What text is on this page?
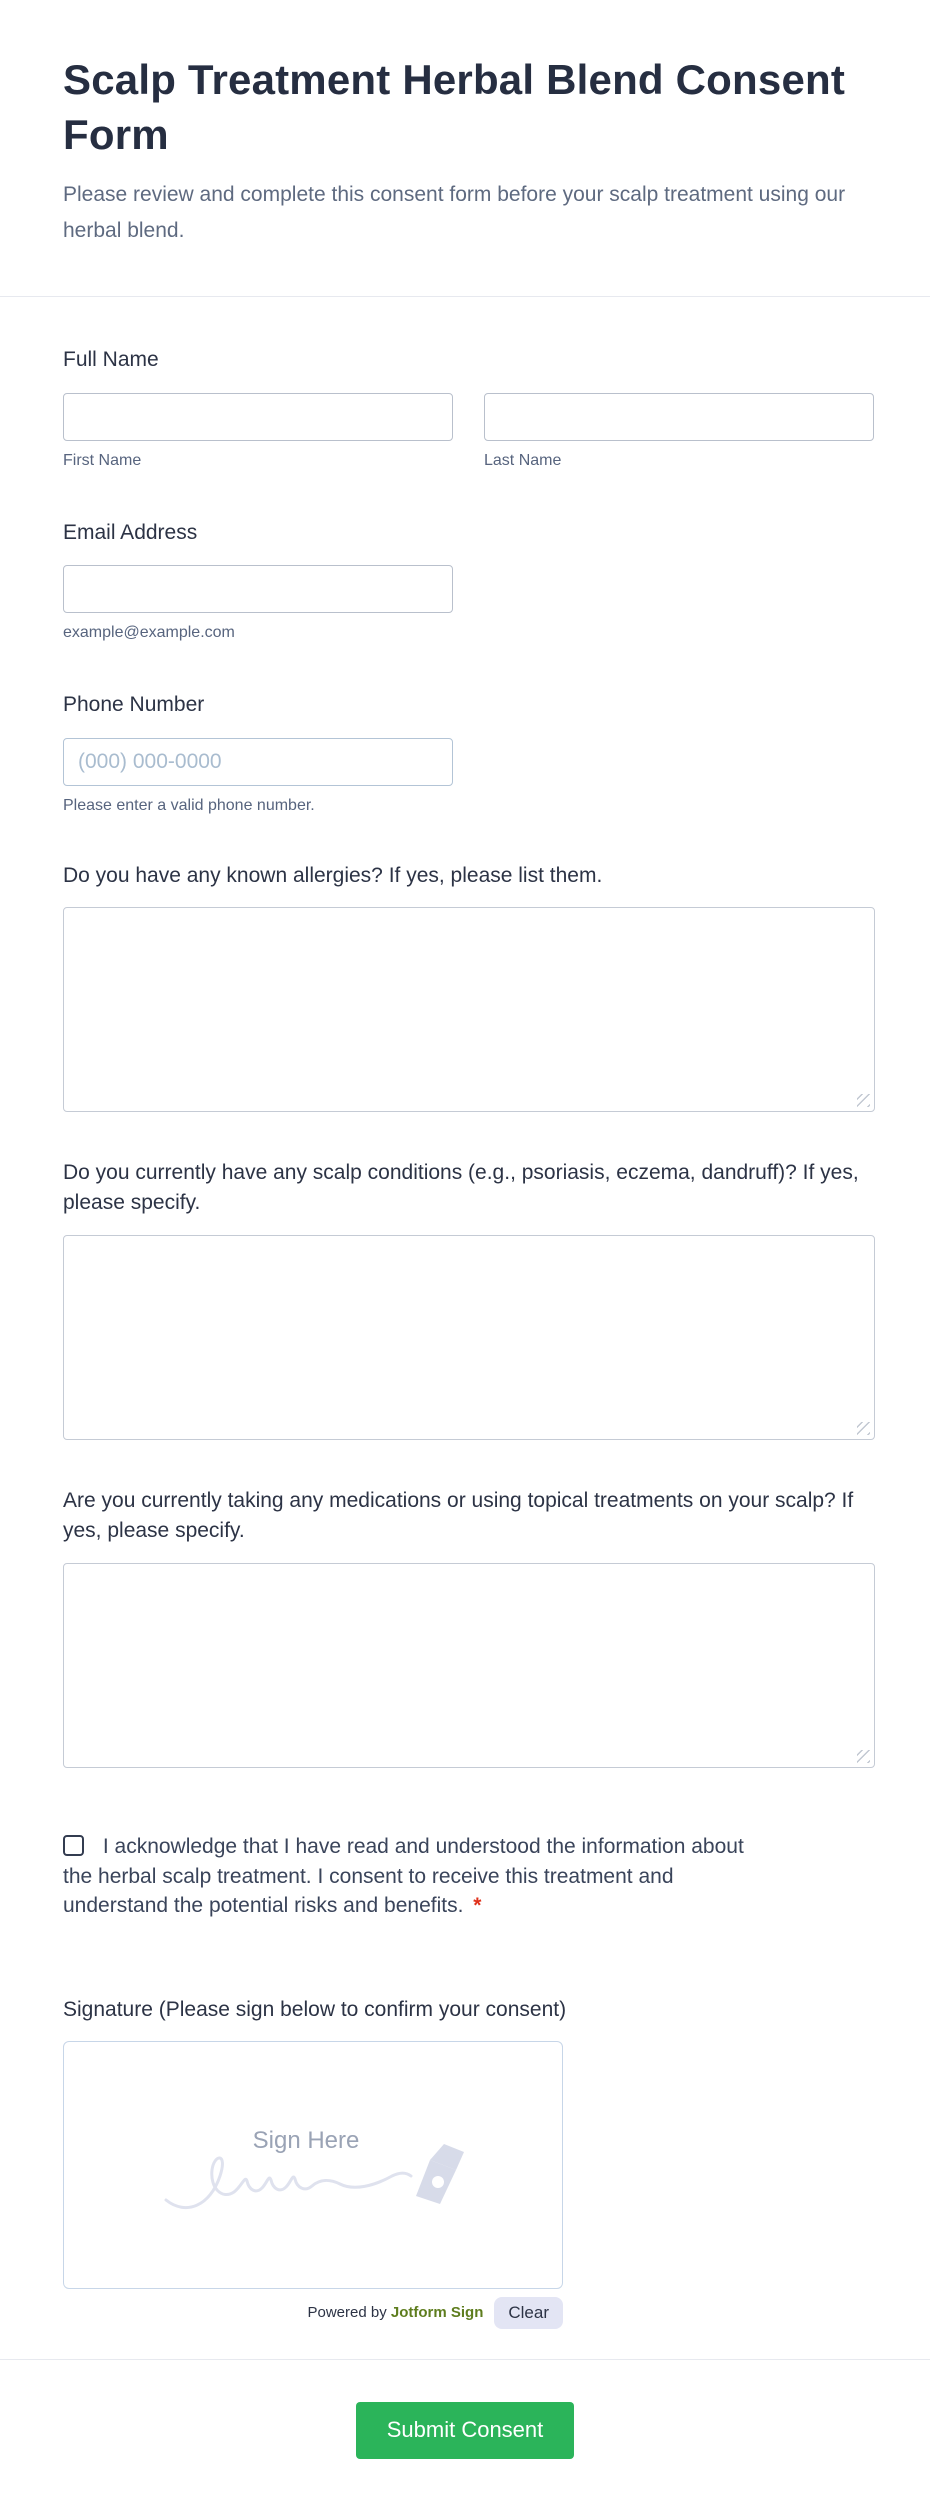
Scalp Treatment Herbal Blend Consent Form

Please review and complete this consent form before your scalp treatment using our herbal blend.

Full Name
First Name	Last Name
Email Address
example@example.com
Phone Number
(000) 000-0000
Please enter a valid phone number.
Do you have any known allergies? If yes, please list them.
Do you currently have any scalp conditions (e.g., psoriasis, eczema, dandruff)? If yes, please specify.
Are you currently taking any medications or using topical treatments on your scalp? If yes, please specify.
I acknowledge that I have read and understood the information about the herbal scalp treatment. I consent to receive this treatment and understand the potential risks and benefits. *
Signature (Please sign below to confirm your consent)
Sign Here
Powered by Jotform Sign	Clear
Submit Consent
